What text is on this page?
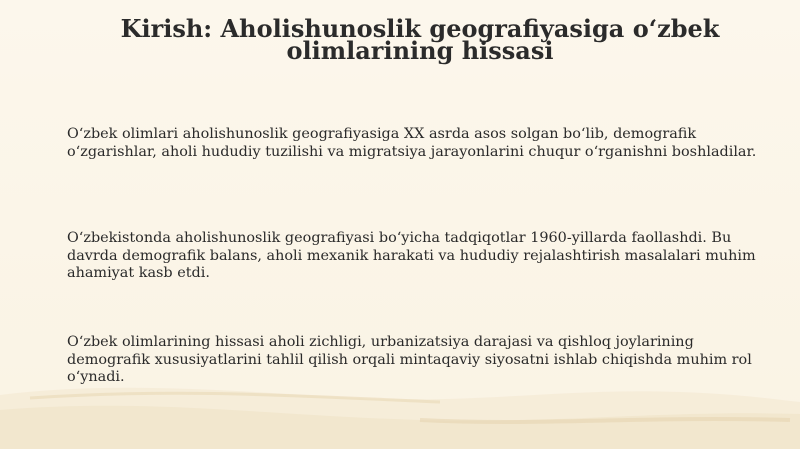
Kirish: Aholishunoslik geografiyasiga o‘zbek olimlarining hissasi

O‘zbek olimlari aholishunoslik geografiyasiga XX asrda asos solgan bo‘lib, demografik o‘zgarishlar, aholi hududiy tuzilishi va migratsiya jarayonlarini chuqur o‘rganishni boshladilar.

O‘zbekistonda aholishunoslik geografiyasi bo‘yicha tadqiqotlar 1960-yillarda faollashdi. Bu davrda demografik balans, aholi mexanik harakati va hududiy rejalashtirish masalalari muhim ahamiyat kasb etdi.

O‘zbek olimlarining hissasi aholi zichligi, urbanizatsiya darajasi va qishloq joylarining demografik xususiyatlarini tahlil qilish orqali mintaqaviy siyosatni ishlab chiqishda muhim rol o‘ynadi.
